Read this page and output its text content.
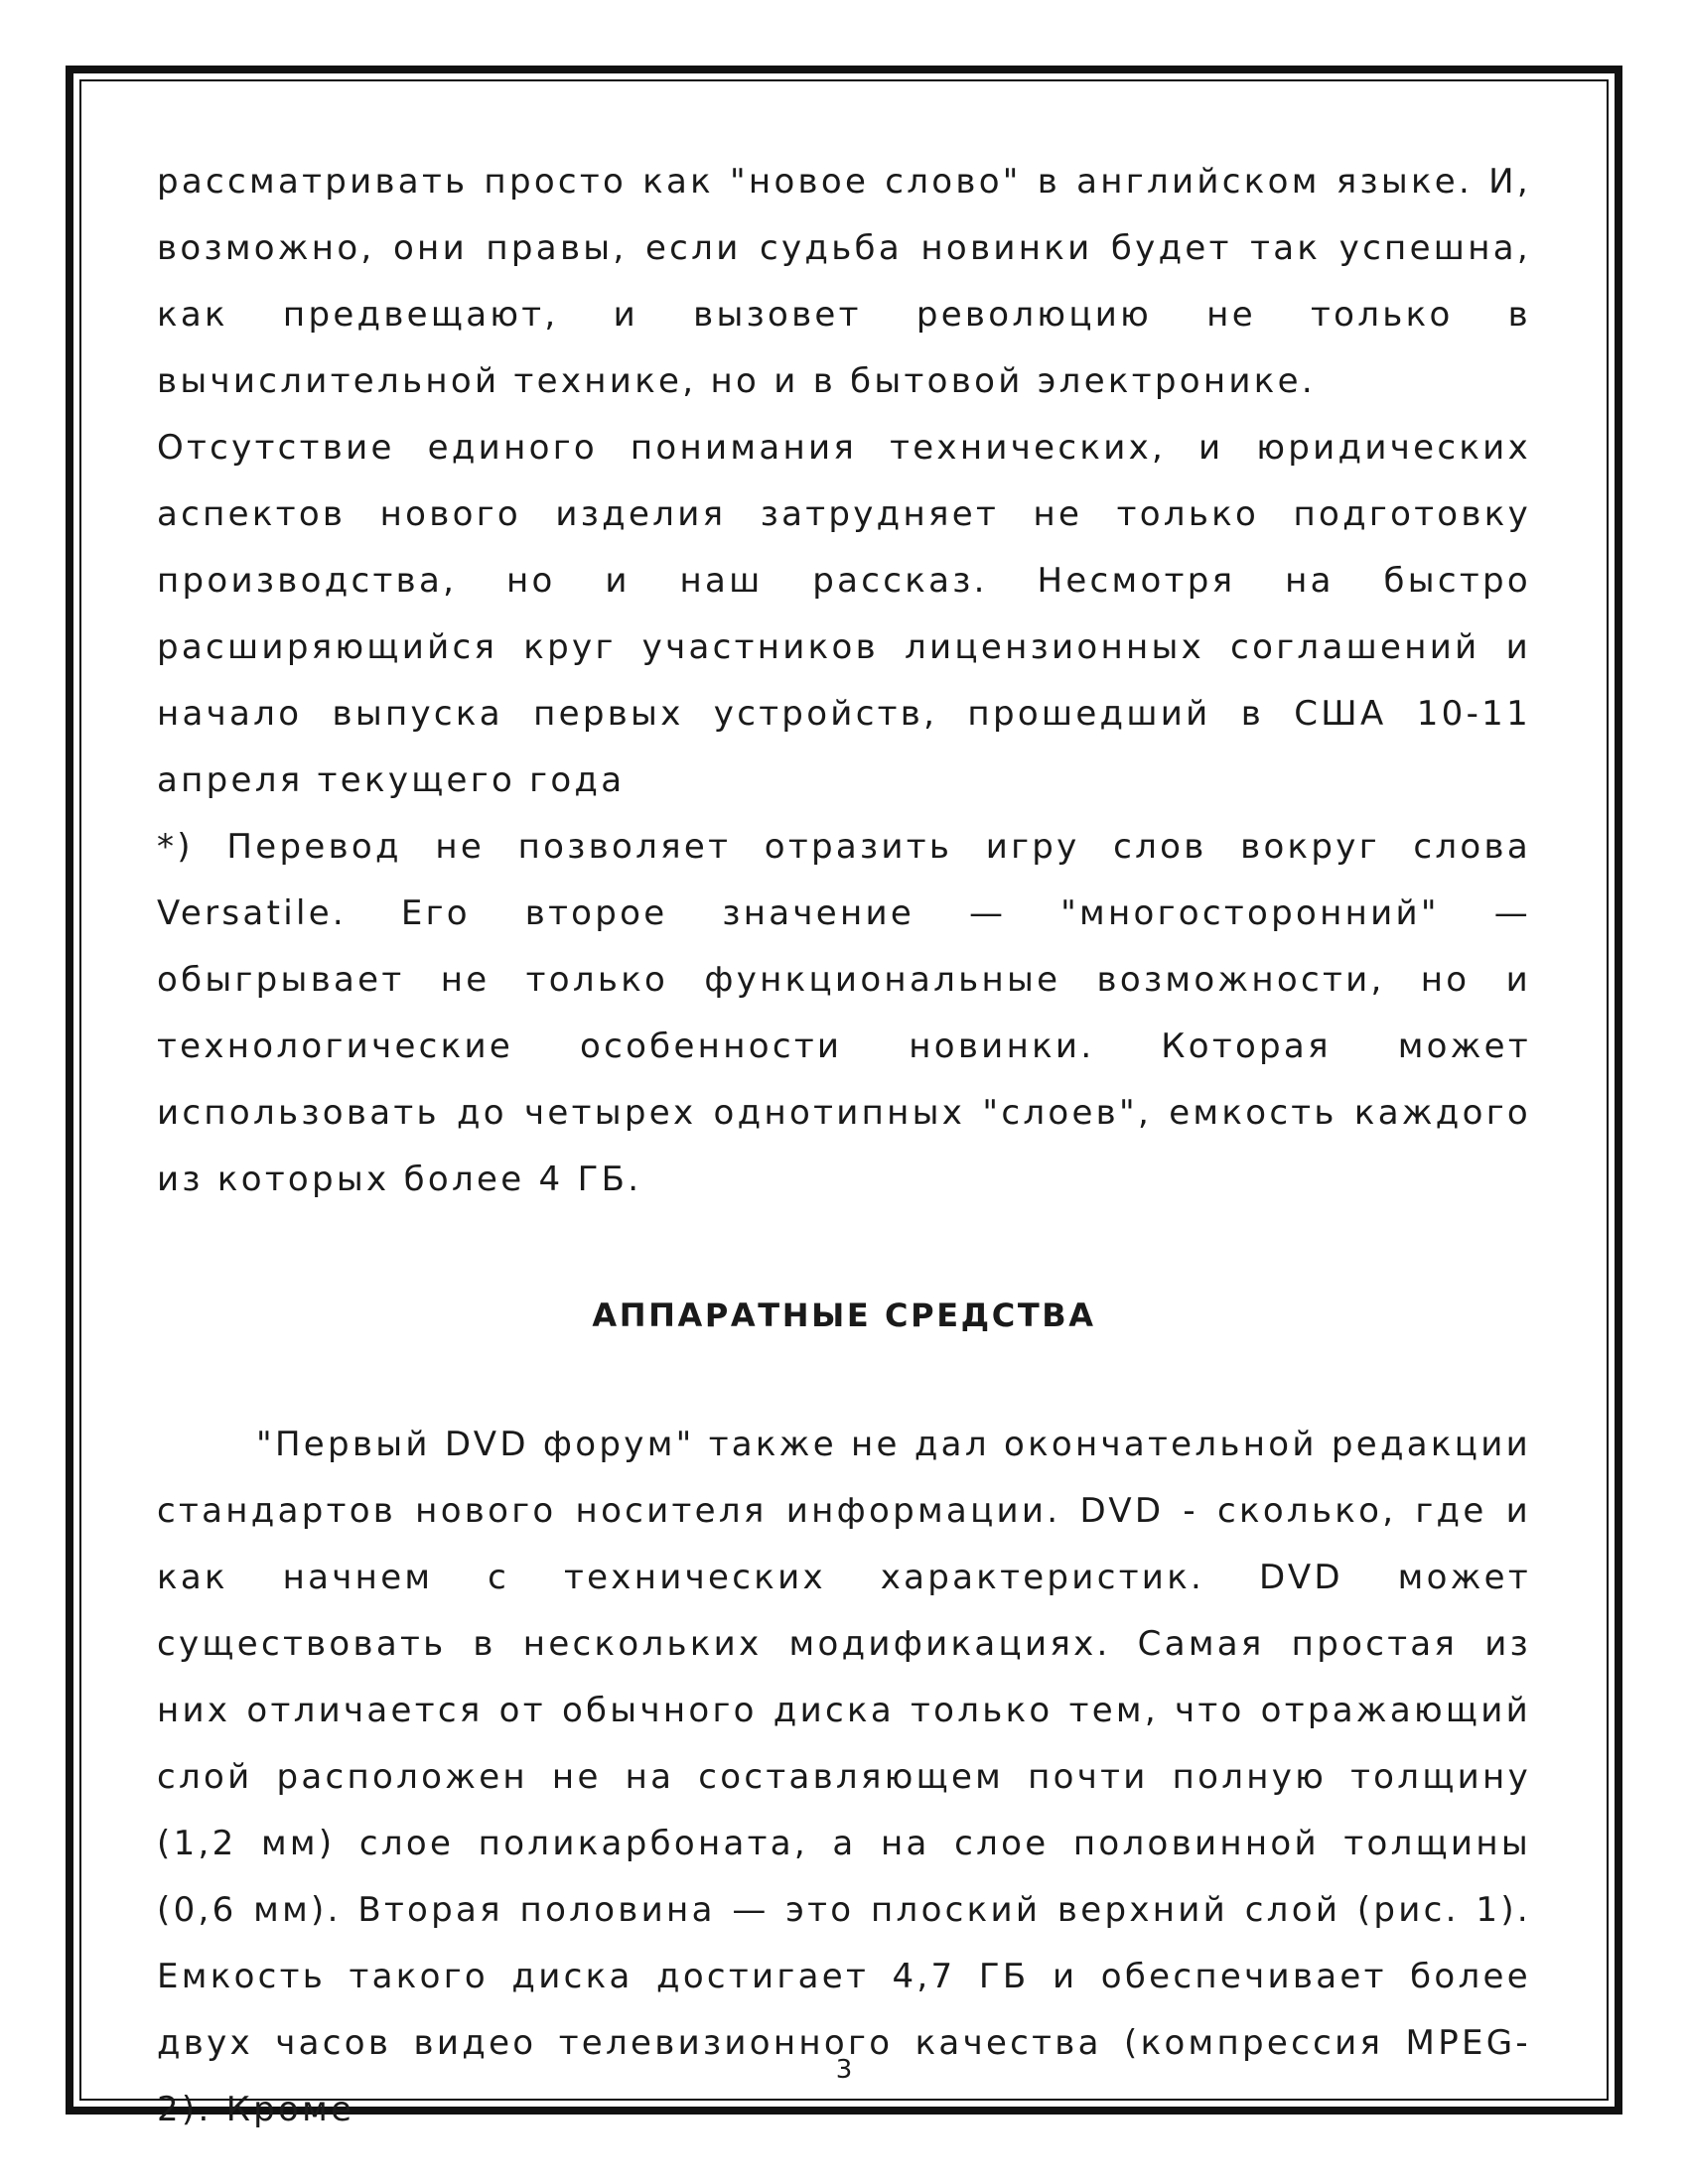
рассматривать просто как "новое слово" в английском языке. И, возможно, они правы, если судьба новинки будет так успешна, как предвещают, и вызовет революцию не только в вычислительной технике, но и в бытовой электронике.

Отсутствие единого понимания технических, и юридических аспектов нового изделия затрудняет не только подготовку производства, но и наш рассказ. Несмотря на быстро расширяющийся круг участников лицензионных соглашений и начало выпуска первых устройств, прошедший в США 10-11 апреля текущего года

*) Перевод не позволяет отразить игру слов вокруг слова Versatile. Его второе значение — "многосторонний" — обыгрывает не только функциональные возможности, но и технологические особенности новинки. Которая может использовать до четырех однотипных "слоев", емкость каждого из которых более 4 ГБ.

АППАРАТНЫЕ СРЕДСТВА

"Первый DVD форум" также не дал окончательной редакции стандартов нового носителя информации. DVD - сколько, где и как начнем с технических характеристик. DVD может существовать в нескольких модификациях. Самая простая из них отличается от обычного диска только тем, что отражающий слой расположен не на составляющем почти полную толщину (1,2 мм) слое поликарбоната, а на слое половинной толщины (0,6 мм). Вторая половина — это плоский верхний слой (рис. 1). Емкость такого диска достигает 4,7 ГБ и обеспечивает более двух часов видео телевизионного качества (компрессия MPEG-2). Кроме

3
